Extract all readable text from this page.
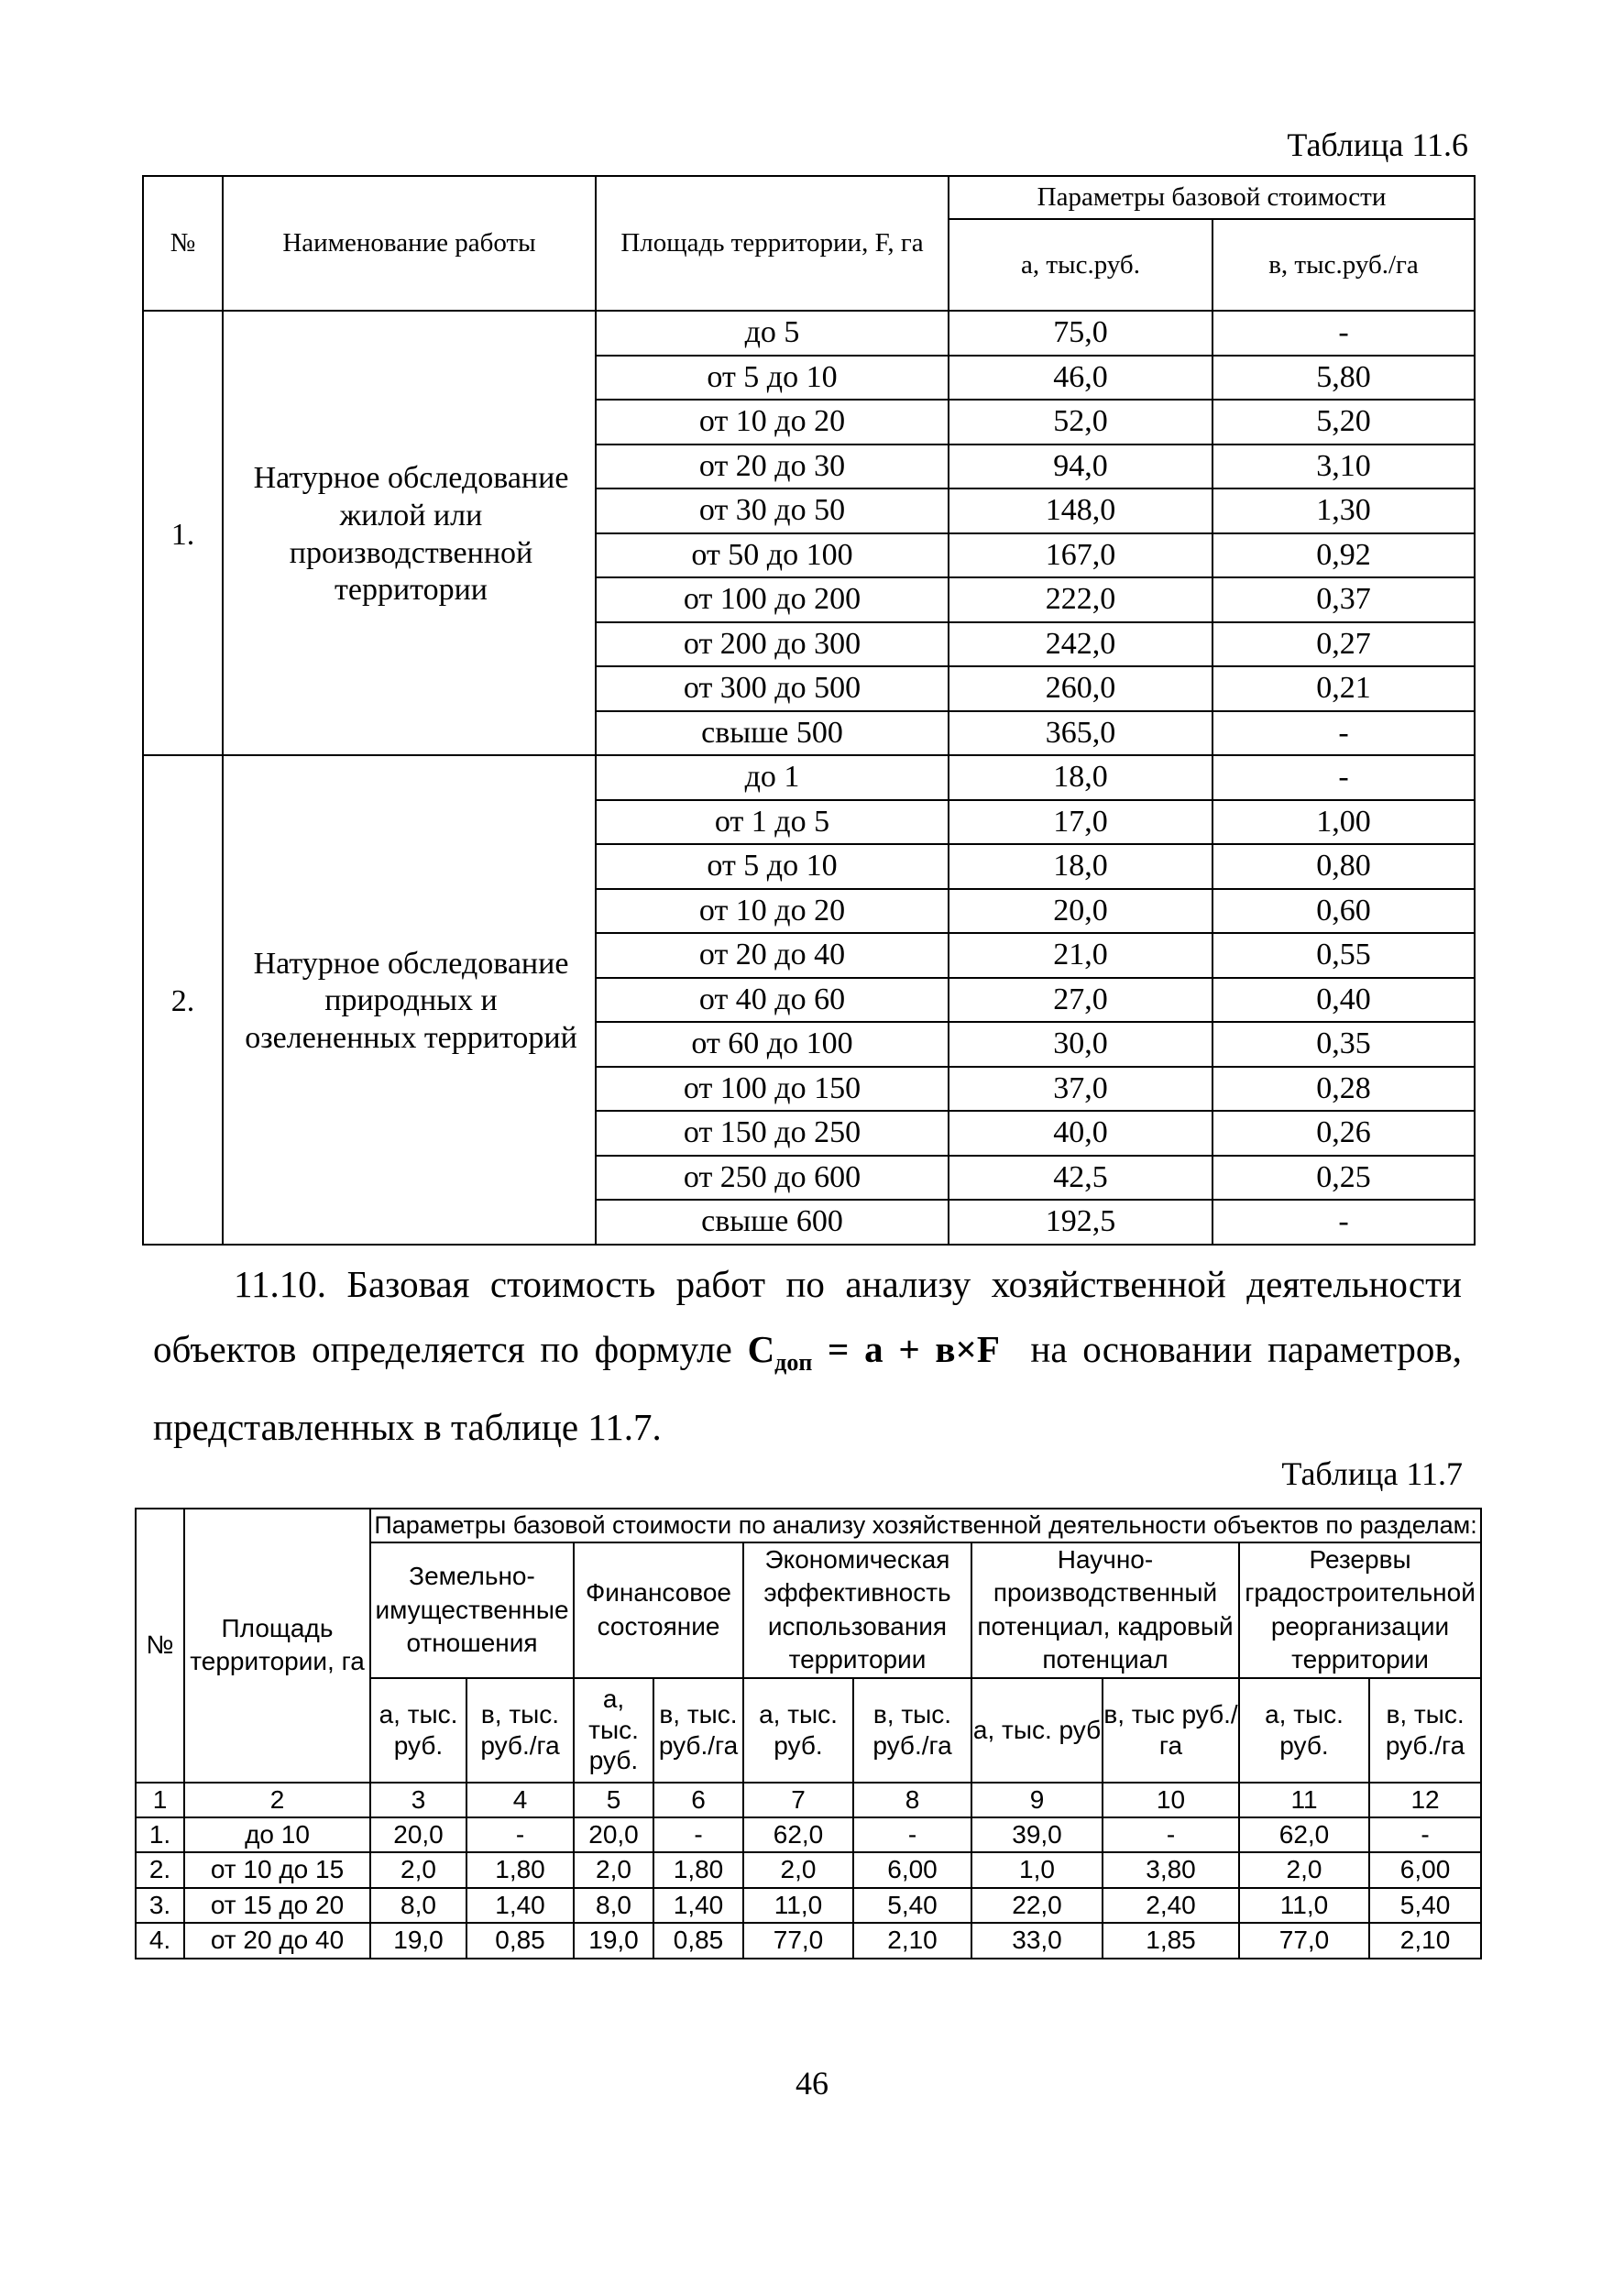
Таблица 11.6
№	Наименование работы	Площадь территории, F, га	Параметры базовой стоимости	
			а, тыс.руб.	в, тыс.руб./га
1.	Натурное обследование жилой или производственной территории	до 5	75,0	-
		от 5 до 10	46,0	5,80
		от 10 до 20	52,0	5,20
		от 20 до 30	94,0	3,10
		от 30 до 50	148,0	1,30
		от 50 до 100	167,0	0,92
		от 100 до 200	222,0	0,37
		от 200 до 300	242,0	0,27
		от 300 до 500	260,0	0,21
		свыше 500	365,0	-
2.	Натурное обследование природных и озелененных территорий	до 1	18,0	-
		от 1 до 5	17,0	1,00
		от 5 до 10	18,0	0,80
		от 10 до 20	20,0	0,60
		от 20 до 40	21,0	0,55
		от 40 до 60	27,0	0,40
		от 60 до 100	30,0	0,35
		от 100 до 150	37,0	0,28
		от 150 до 250	40,0	0,26
		от 250 до 600	42,5	0,25
		свыше 600	192,5	-

11.10. Базовая стоимость работ по анализу хозяйственной деятельности

объектов определяется по формуле $С_{доп} = а + в\times F$ на основании параметров,

представленных в таблице 11.7.

Таблица 11.7
№	Площадь территории, га	Параметры базовой стоимости по анализу хозяйственной деятельности объектов по разделам:									
		Земельно-имущественные отношения		Финансовое состояние		Экономическая эффективность использования территории		Научно-производственный потенциал, кадровый потенциал		Резервы градостроительной реорганизации территории	
		а, тыс. руб.	в, тыс. руб./га	а, тыс. руб.	в, тыс. руб./га	а, тыс. руб.	в, тыс. руб./га	а, тыс. руб	в, тыс руб./га	а, тыс. руб.	в, тыс. руб./га
1	2	3	4	5	6	7	8	9	10	11	12
1.	до 10	20,0	-	20,0	-	62,0	-	39,0	-	62,0	-
2.	от 10 до 15	2,0	1,80	2,0	1,80	2,0	6,00	1,0	3,80	2,0	6,00
3.	от 15 до 20	8,0	1,40	8,0	1,40	11,0	5,40	22,0	2,40	11,0	5,40
4.	от 20 до 40	19,0	0,85	19,0	0,85	77,0	2,10	33,0	1,85	77,0	2,10
46
